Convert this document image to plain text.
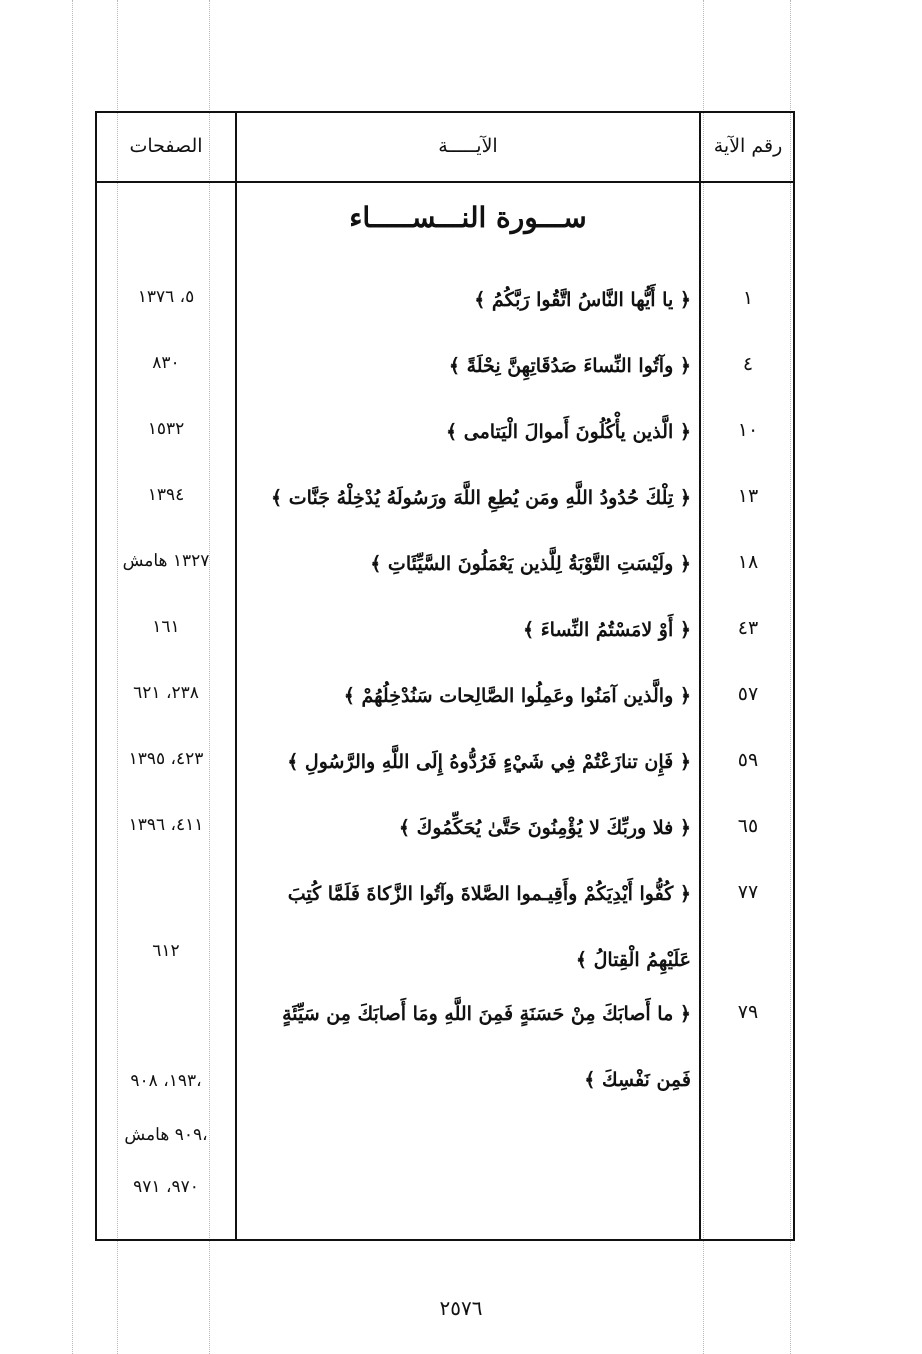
رقم الآية
الآيـــــة
الصفحات
ســـورة النـــســـــاء
١
﴿ يا أَيُّها النَّاسُ اتَّقُوا رَبَّكُمُ ﴾
٥، ١٣٧٦
٤
﴿ وآتُوا النِّساءَ صَدُقَاتِهِنَّ نِحْلَةً ﴾
٨٣٠
١٠
﴿ الَّذين يأْكُلُونَ أَموالَ الْيَتامى ﴾
١٥٣٢
١٣
﴿ تِلْكَ حُدُودُ اللَّهِ ومَن يُطِعِ اللَّهَ ورَسُولَهُ يُدْخِلْهُ جَنَّات ﴾
١٣٩٤
١٨
﴿ ولَيْسَتِ التَّوْبَةُ لِلَّذين يَعْمَلُونَ السَّيِّئَاتِ ﴾
١٣٢٧ هامش
٤٣
﴿ أَوْ لامَسْتُمُ النِّساءَ ﴾
١٦١
٥٧
﴿ والَّذين آمَنُوا وعَمِلُوا الصَّالِحات سَنُدْخِلُهُمْ ﴾
٢٣٨، ٦٢١
٥٩
﴿ فَإِن تنازَعْتُمْ فِي شَيْءٍ فَرُدُّوهُ إِلَى اللَّهِ والرَّسُولِ ﴾
٤٢٣، ١٣٩٥
٦٥
﴿ فلا وربِّكَ لا يُؤْمِنُونَ حَتَّىٰ يُحَكِّمُوكَ ﴾
٤١١، ١٣٩٦
٧٧
﴿ كُفُّوا أَيْدِيَكُمْ وأَقِيـموا الصَّلاةَ وآتُوا الزَّكاةَ فَلَمَّا كُتِبَ عَلَيْهِمُ الْقِتالُ ﴾
٦١٢
٧٩
﴿ ما أَصابَكَ مِنْ حَسَنَةٍ فَمِنَ اللَّهِ ومَا أَصابَكَ مِن سَيِّئَةٍ فَمِن نَفْسِكَ ﴾
١٩٣، ٩٠٨،
٩٠٩ هامش،
٩٧٠، ٩٧١
٢٥٧٦
